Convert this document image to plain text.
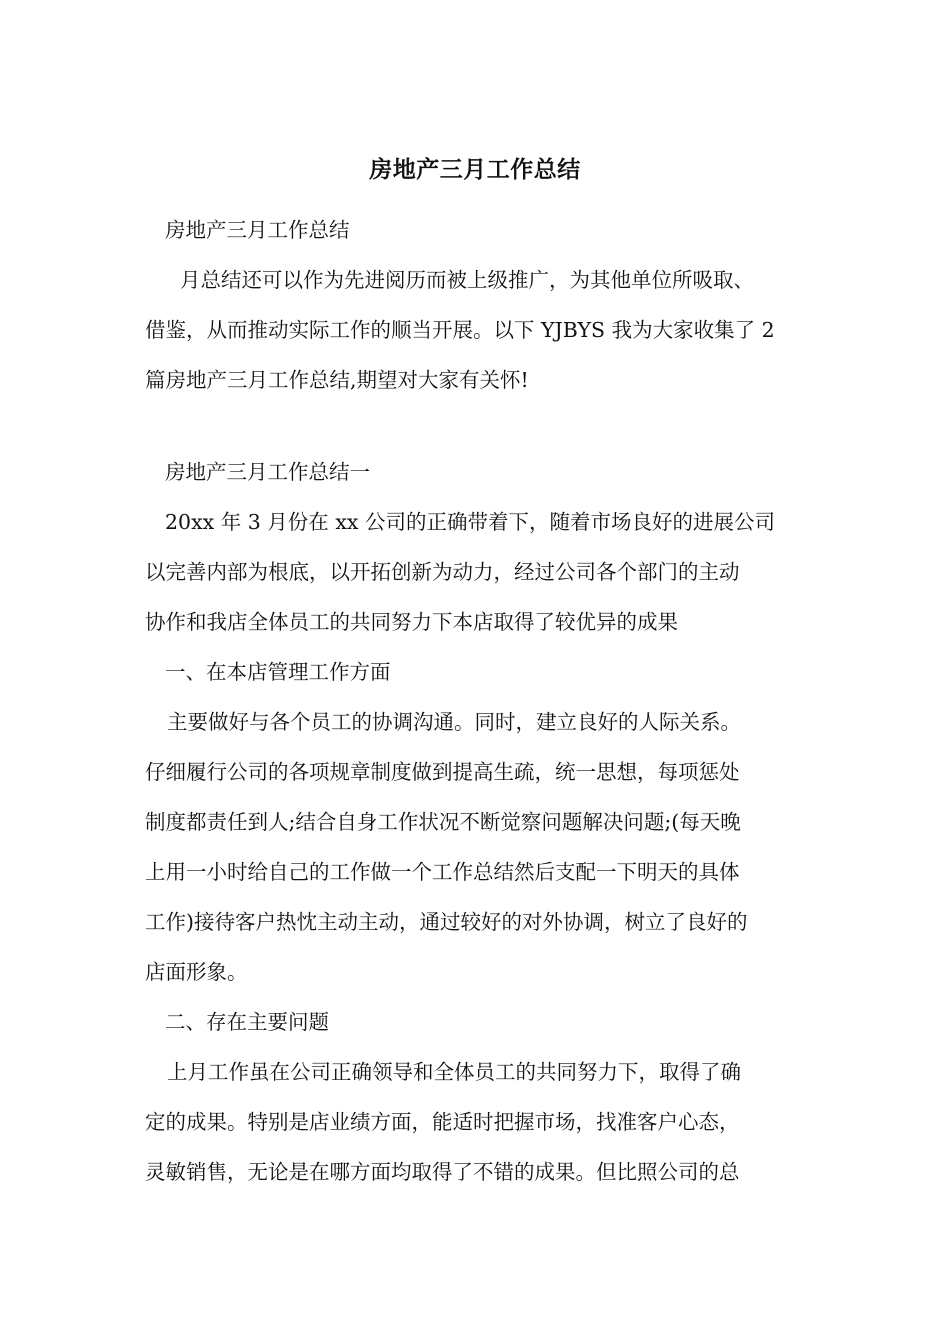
房地产三月工作总结
房地产三月工作总结
月总结还可以作为先进阅历而被上级推广，为其他单位所吸取、
借鉴，从而推动实际工作的顺当开展。以下 YJBYS 我为大家收集了 2
篇房地产三月工作总结,期望对大家有关怀!
房地产三月工作总结一
20xx 年 3 月份在 xx 公司的正确带着下，随着市场良好的进展公司
以完善内部为根底，以开拓创新为动力，经过公司各个部门的主动
协作和我店全体员工的共同努力下本店取得了较优异的成果
一、在本店管理工作方面
主要做好与各个员工的协调沟通。同时，建立良好的人际关系。
仔细履行公司的各项规章制度做到提高生疏，统一思想，每项惩处
制度都责任到人;结合自身工作状况不断觉察问题解决问题;(每天晚
上用一小时给自己的工作做一个工作总结然后支配一下明天的具体
工作)接待客户热忱主动主动，通过较好的对外协调，树立了良好的
店面形象。
二、存在主要问题
上月工作虽在公司正确领导和全体员工的共同努力下，取得了确
定的成果。特别是店业绩方面，能适时把握市场，找准客户心态，
灵敏销售，无论是在哪方面均取得了不错的成果。但比照公司的总
